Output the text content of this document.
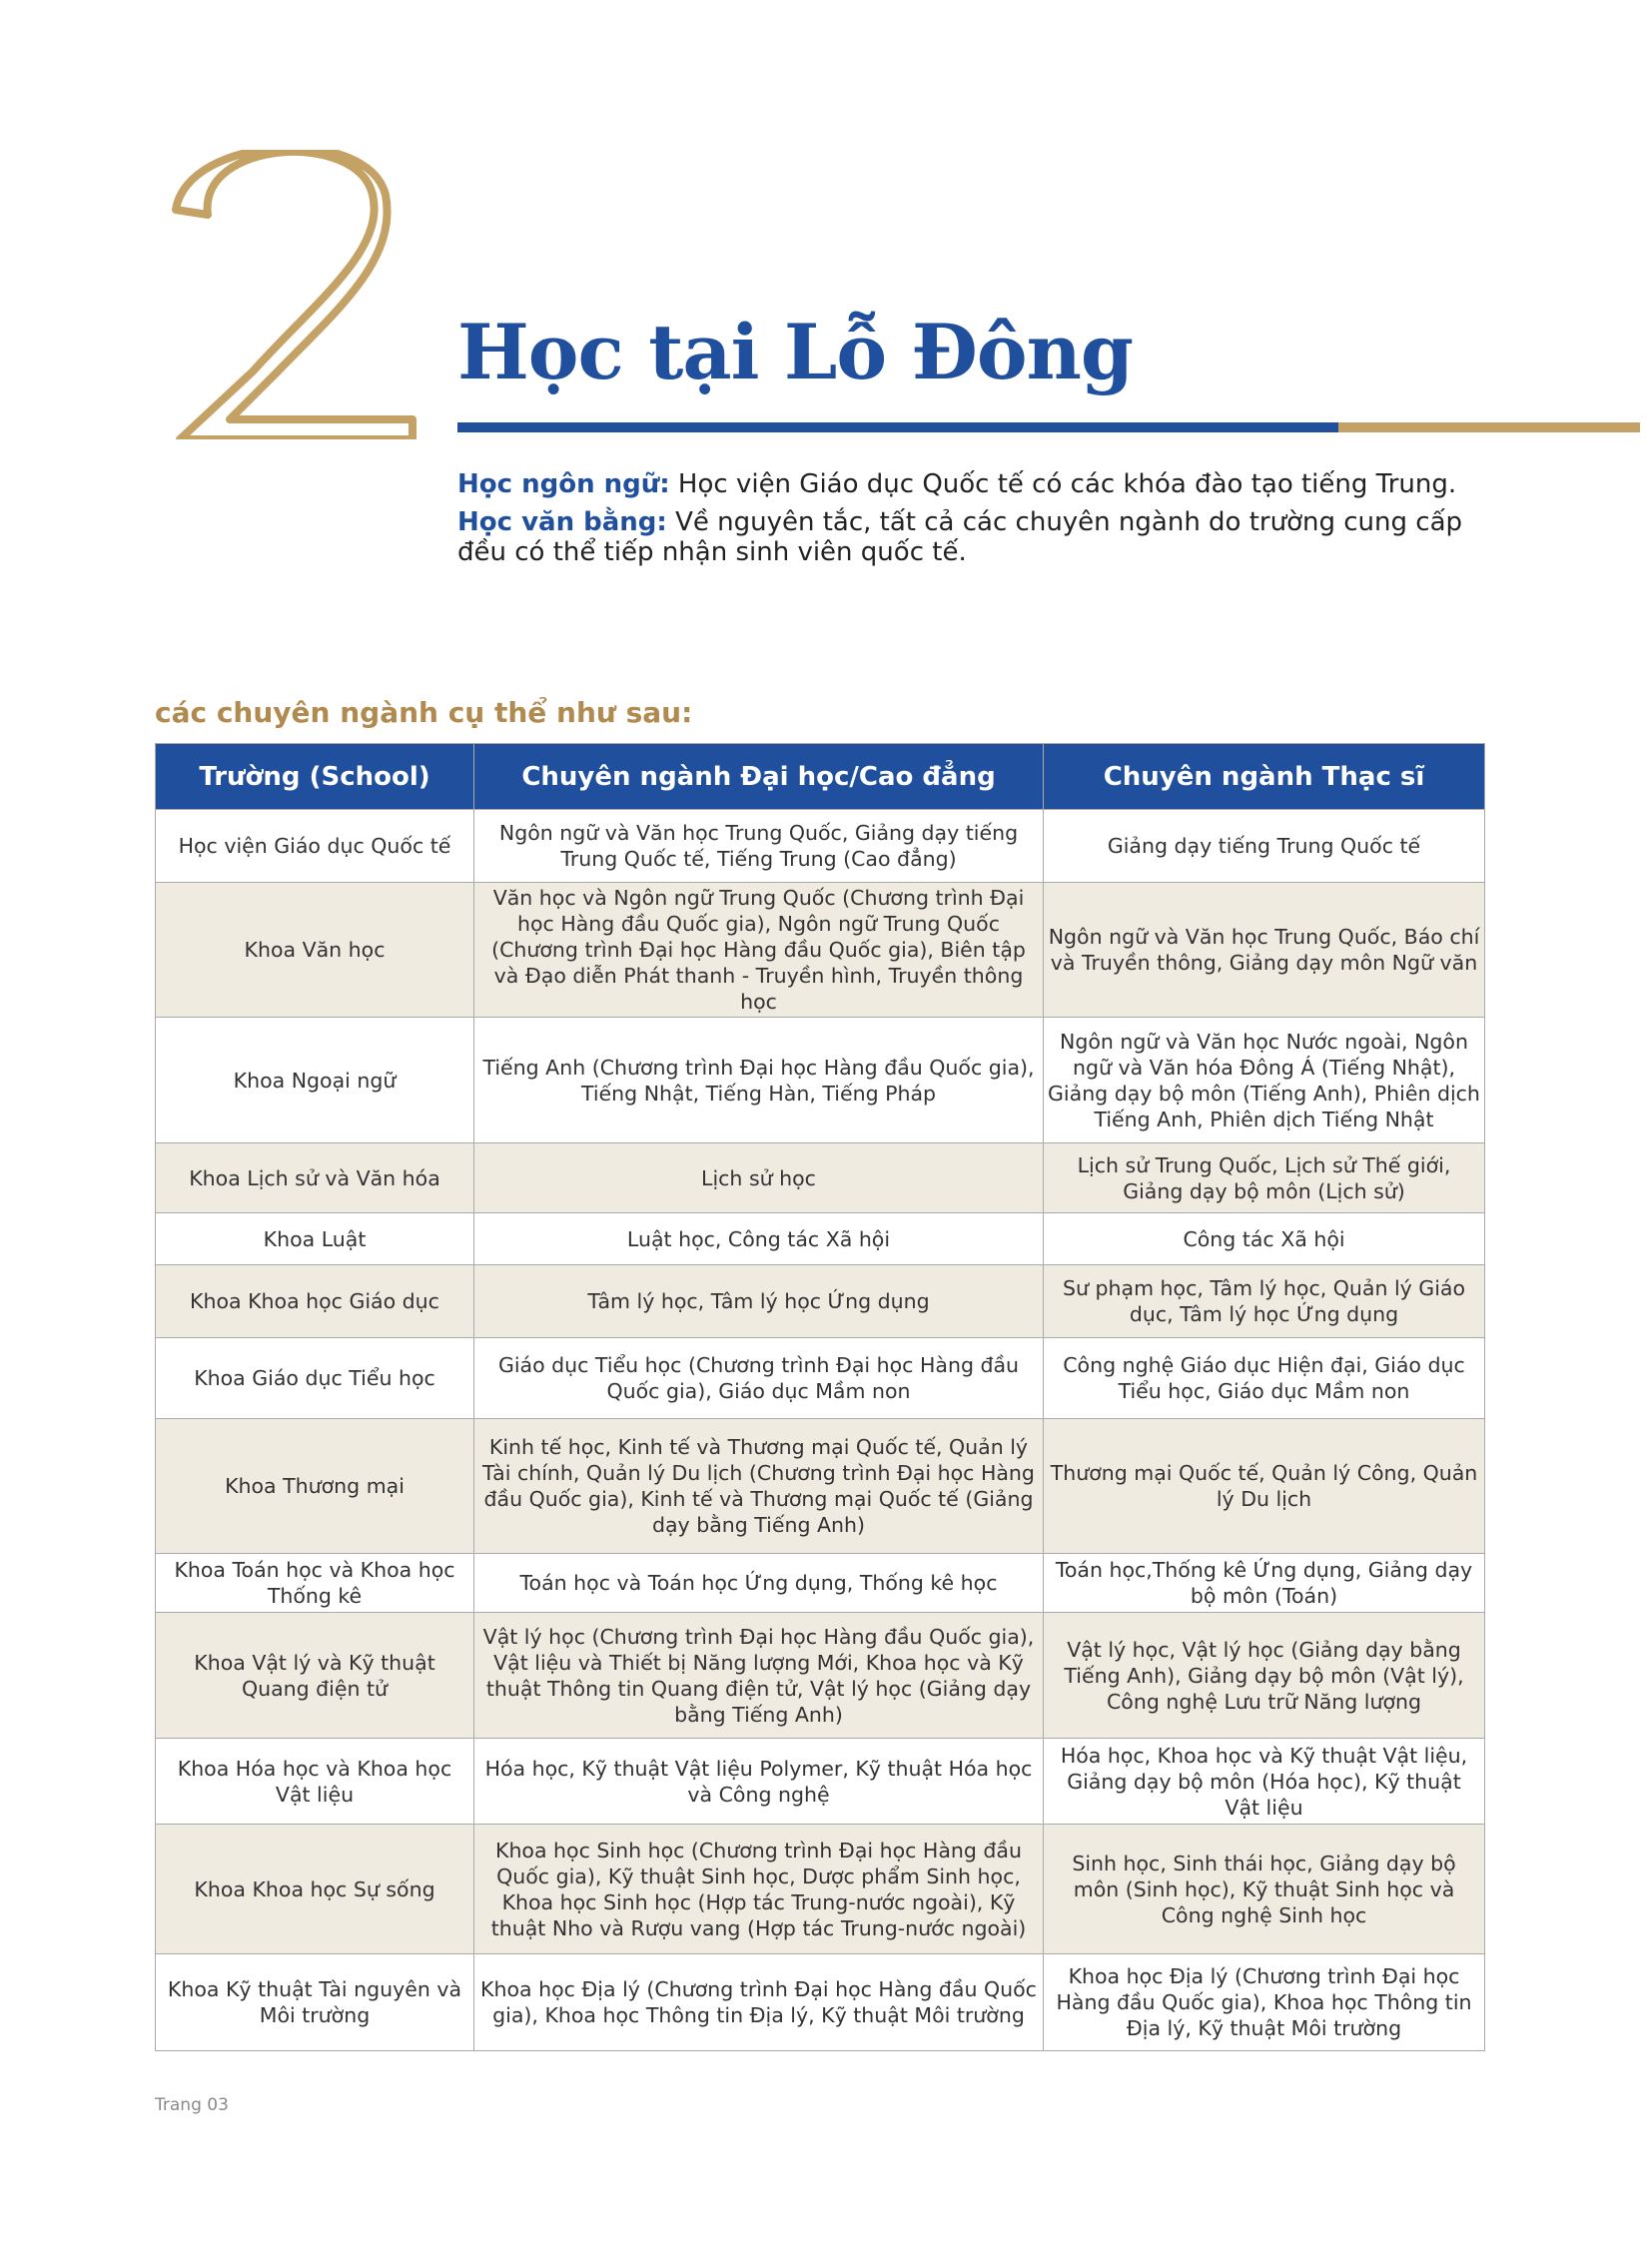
2
Học tại Lỗ Đông

Học ngôn ngữ: Học viện Giáo dục Quốc tế có các khóa đào tạo tiếng Trung.

Học văn bằng: Về nguyên tắc, tất cả các chuyên ngành do trường cung cấp đều có thể tiếp nhận sinh viên quốc tế.

các chuyên ngành cụ thể như sau:
Trường (School)	Chuyên ngành Đại học/Cao đẳng	Chuyên ngành Thạc sĩ
Học viện Giáo dục Quốc tế	Ngôn ngữ và Văn học Trung Quốc, Giảng dạy tiếng Trung Quốc tế, Tiếng Trung (Cao đẳng)	Giảng dạy tiếng Trung Quốc tế
Khoa Văn học	Văn học và Ngôn ngữ Trung Quốc (Chương trình Đại học Hàng đầu Quốc gia), Ngôn ngữ Trung Quốc (Chương trình Đại học Hàng đầu Quốc gia), Biên tập và Đạo diễn Phát thanh - Truyền hình, Truyền thông học	Ngôn ngữ và Văn học Trung Quốc, Báo chí và Truyền thông, Giảng dạy môn Ngữ văn
Khoa Ngoại ngữ	Tiếng Anh (Chương trình Đại học Hàng đầu Quốc gia), Tiếng Nhật, Tiếng Hàn, Tiếng Pháp	Ngôn ngữ và Văn học Nước ngoài, Ngôn ngữ và Văn hóa Đông Á (Tiếng Nhật), Giảng dạy bộ môn (Tiếng Anh), Phiên dịch Tiếng Anh, Phiên dịch Tiếng Nhật
Khoa Lịch sử và Văn hóa	Lịch sử học	Lịch sử Trung Quốc, Lịch sử Thế giới, Giảng dạy bộ môn (Lịch sử)
Khoa Luật	Luật học, Công tác Xã hội	Công tác Xã hội
Khoa Khoa học Giáo dục	Tâm lý học, Tâm lý học Ứng dụng	Sư phạm học, Tâm lý học, Quản lý Giáo dục, Tâm lý học Ứng dụng
Khoa Giáo dục Tiểu học	Giáo dục Tiểu học (Chương trình Đại học Hàng đầu Quốc gia), Giáo dục Mầm non	Công nghệ Giáo dục Hiện đại, Giáo dục Tiểu học, Giáo dục Mầm non
Khoa Thương mại	Kinh tế học, Kinh tế và Thương mại Quốc tế, Quản lý Tài chính, Quản lý Du lịch (Chương trình Đại học Hàng đầu Quốc gia), Kinh tế và Thương mại Quốc tế (Giảng dạy bằng Tiếng Anh)	Thương mại Quốc tế, Quản lý Công, Quản lý Du lịch
Khoa Toán học và Khoa học Thống kê	Toán học và Toán học Ứng dụng, Thống kê học	Toán học,Thống kê Ứng dụng, Giảng dạy bộ môn (Toán)
Khoa Vật lý và Kỹ thuật Quang điện tử	Vật lý học (Chương trình Đại học Hàng đầu Quốc gia), Vật liệu và Thiết bị Năng lượng Mới, Khoa học và Kỹ thuật Thông tin Quang điện tử, Vật lý học (Giảng dạy bằng Tiếng Anh)	Vật lý học, Vật lý học (Giảng dạy bằng Tiếng Anh), Giảng dạy bộ môn (Vật lý), Công nghệ Lưu trữ Năng lượng
Khoa Hóa học và Khoa học Vật liệu	Hóa học, Kỹ thuật Vật liệu Polymer, Kỹ thuật Hóa học và Công nghệ	Hóa học, Khoa học và Kỹ thuật Vật liệu, Giảng dạy bộ môn (Hóa học), Kỹ thuật Vật liệu
Khoa Khoa học Sự sống	Khoa học Sinh học (Chương trình Đại học Hàng đầu Quốc gia), Kỹ thuật Sinh học, Dược phẩm Sinh học, Khoa học Sinh học (Hợp tác Trung-nước ngoài), Kỹ thuật Nho và Rượu vang (Hợp tác Trung-nước ngoài)	Sinh học, Sinh thái học, Giảng dạy bộ môn (Sinh học), Kỹ thuật Sinh học và Công nghệ Sinh học
Khoa Kỹ thuật Tài nguyên và Môi trường	Khoa học Địa lý (Chương trình Đại học Hàng đầu Quốc gia), Khoa học Thông tin Địa lý, Kỹ thuật Môi trường	Khoa học Địa lý (Chương trình Đại học Hàng đầu Quốc gia), Khoa học Thông tin Địa lý, Kỹ thuật Môi trường
Trang 03
